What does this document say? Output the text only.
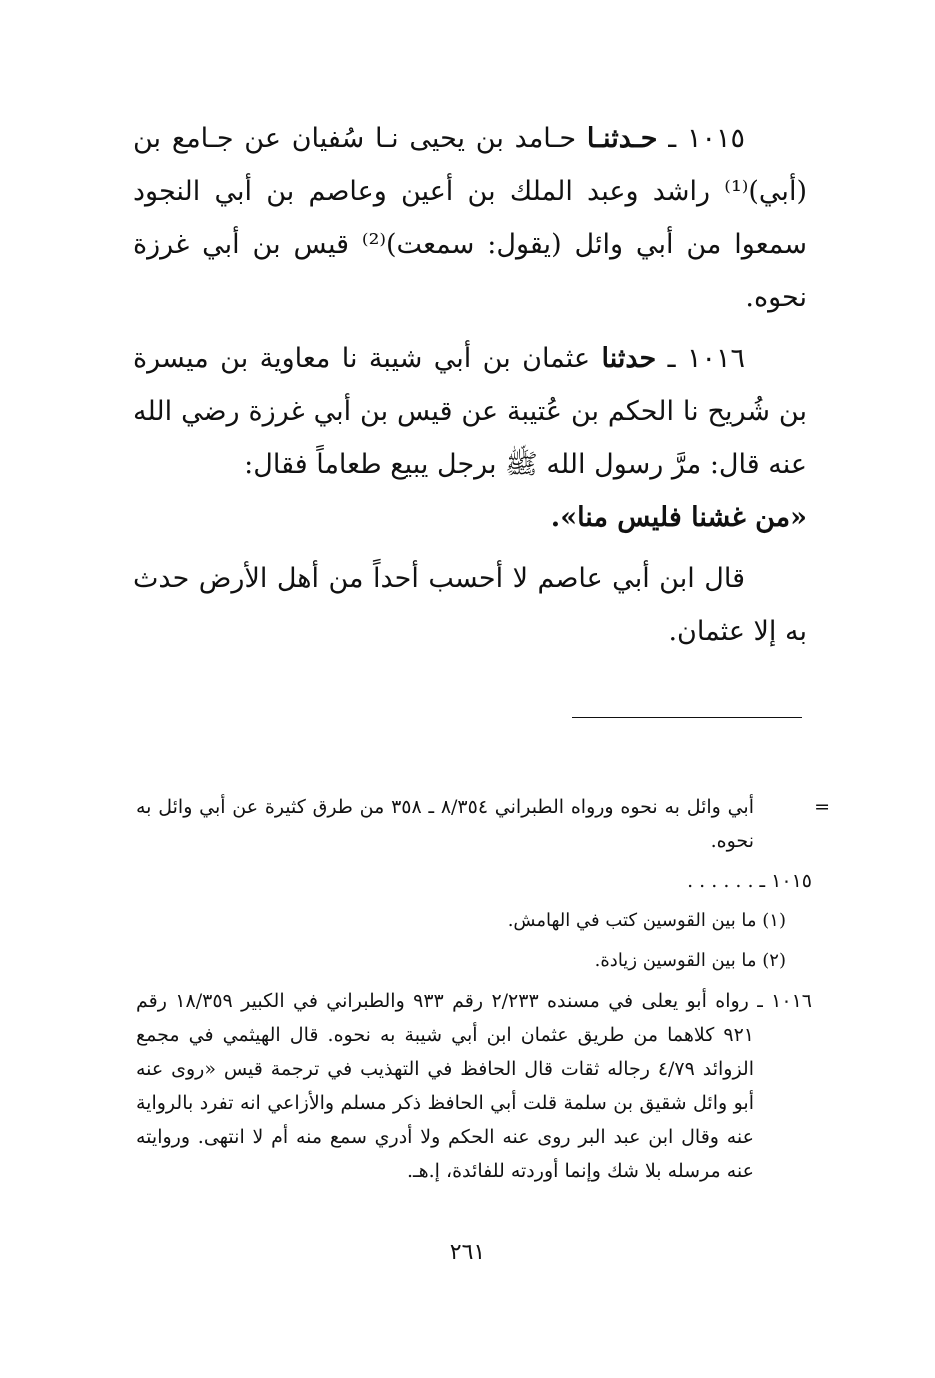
١٠١٥ ـ حـدثنـا حـامد بن يحيى نـا سُفيان عن جـامع بن (أبي)⁽¹⁾ راشد وعبد الملك بن أعين وعاصم بن أبي النجود سمعوا من أبي وائل (يقول: سمعت)⁽²⁾ قيس بن أبي غرزة نحوه.

١٠١٦ ـ حدثنا عثمان بن أبي شيبة نا معاوية بن ميسرة بن شُريح نا الحكم بن عُتيبة عن قيس بن أبي غرزة رضي الله عنه قال: مرَّ رسول الله ﷺ برجل يبيع طعاماً فقال:
«من غشنا فليس منا».

قال ابن أبي عاصم لا أحسب أحداً من أهل الأرض حدث به إلا عثمان.

=
أبي وائل به نحوه ورواه الطبراني ٨/٣٥٤ ـ ٣٥٨ من طرق كثيرة عن أبي وائل به نحوه.
١٠١٥ ـ . . . . . .
(١) ما بين القوسين كتب في الهامش.
(٢) ما بين القوسين زيادة.
١٠١٦ ـ رواه أبو يعلى في مسنده ٢/٢٣٣ رقم ٩٣٣ والطبراني في الكبير ١٨/٣٥٩ رقم ٩٢١ كلاهما من طريق عثمان ابن أبي شيبة به نحوه. قال الهيثمي في مجمع الزوائد ٤/٧٩ رجاله ثقات قال الحافظ في التهذيب في ترجمة قيس «روى عنه أبو وائل شقيق بن سلمة قلت أبي الحافظ ذكر مسلم والأزاعي انه تفرد بالرواية عنه وقال ابن عبد البر روى عنه الحكم ولا أدري سمع منه أم لا انتهى. وروايته عنه مرسله بلا شك وإنما أوردته للفائدة، إ.هـ.
٢٦١
